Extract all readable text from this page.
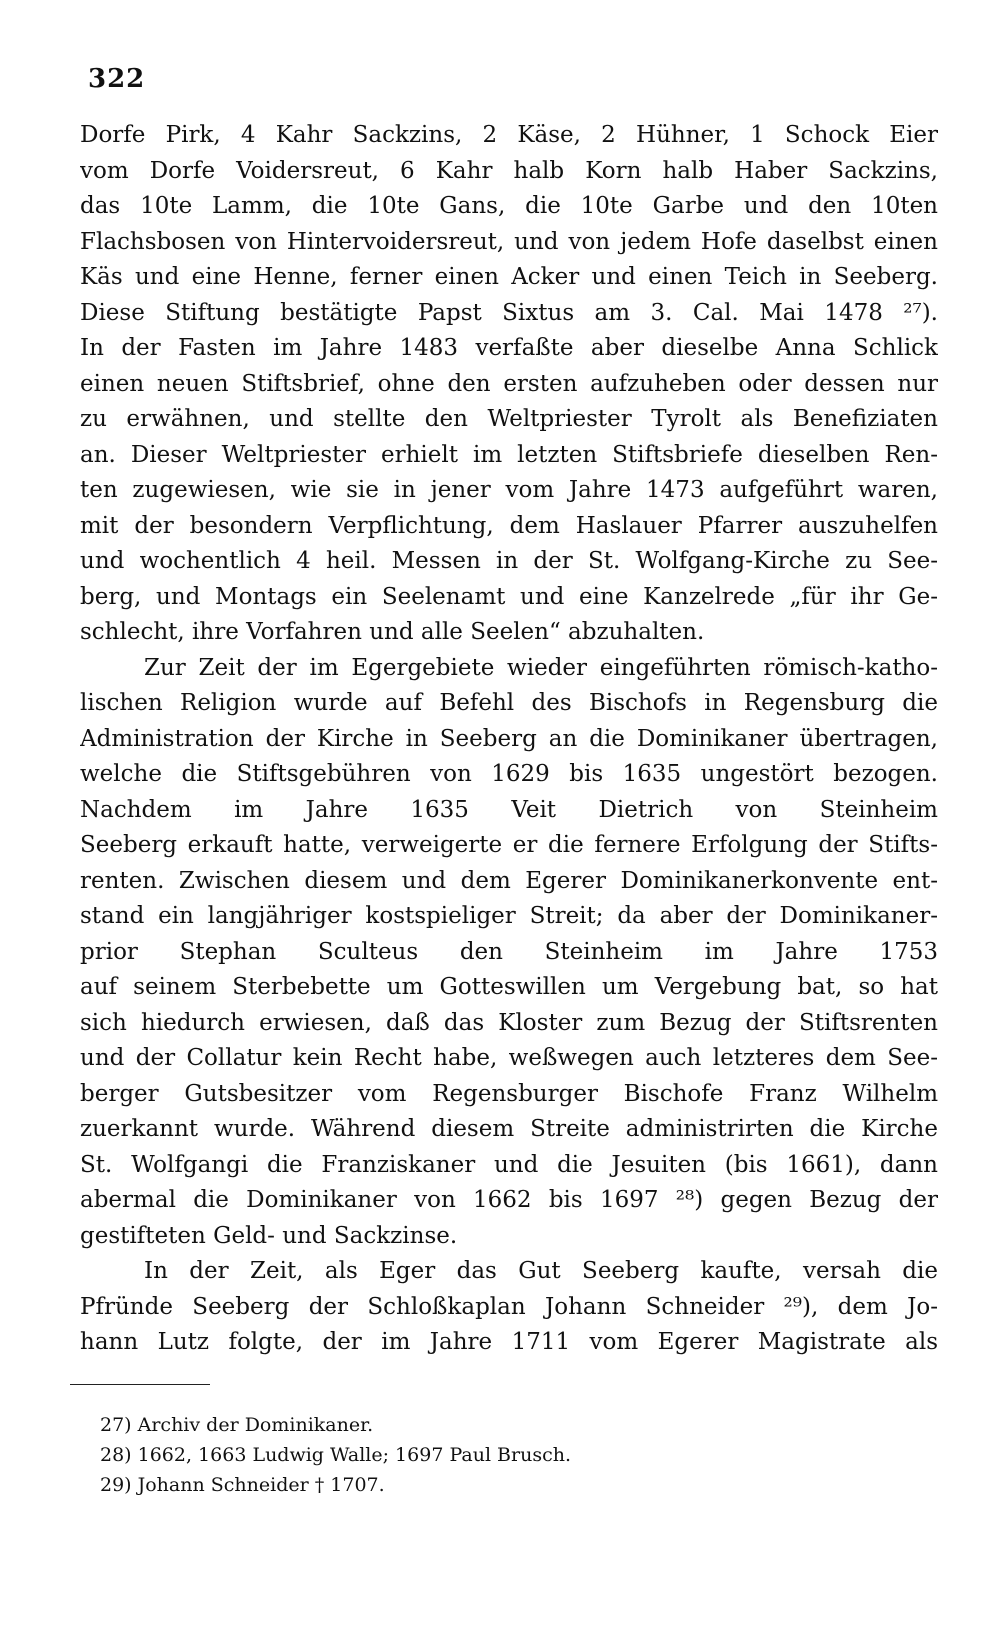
322
Dorfe Pirk, 4 Kahr Sackzins, 2 Käse, 2 Hühner, 1 Schock Eier
vom Dorfe Voidersreut, 6 Kahr halb Korn halb Haber Sackzins,
das 10te Lamm, die 10te Gans, die 10te Garbe und den 10ten
Flachsbosen von Hintervoidersreut, und von jedem Hofe daselbst einen
Käs und eine Henne, ferner einen Acker und einen Teich in Seeberg.
Diese Stiftung bestätigte Papst Sixtus am 3. Cal. Mai 1478 ²⁷).
In der Fasten im Jahre 1483 verfaßte aber dieselbe Anna Schlick
einen neuen Stiftsbrief, ohne den ersten aufzuheben oder dessen nur
zu erwähnen, und stellte den Weltpriester Tyrolt als Benefiziaten
an. Dieser Weltpriester erhielt im letzten Stiftsbriefe dieselben Ren-
ten zugewiesen, wie sie in jener vom Jahre 1473 aufgeführt waren,
mit der besondern Verpflichtung, dem Haslauer Pfarrer auszuhelfen
und wochentlich 4 heil. Messen in der St. Wolfgang-Kirche zu See-
berg, und Montags ein Seelenamt und eine Kanzelrede „für ihr Ge-
schlecht, ihre Vorfahren und alle Seelen“ abzuhalten.
Zur Zeit der im Egergebiete wieder eingeführten römisch-katho-
lischen Religion wurde auf Befehl des Bischofs in Regensburg die
Administration der Kirche in Seeberg an die Dominikaner übertragen,
welche die Stiftsgebühren von 1629 bis 1635 ungestört bezogen.
Nachdem im Jahre 1635 Veit Dietrich von Steinheim
Seeberg erkauft hatte, verweigerte er die fernere Erfolgung der Stifts-
renten. Zwischen diesem und dem Egerer Dominikanerkonvente ent-
stand ein langjähriger kostspieliger Streit; da aber der Dominikaner-
prior Stephan Sculteus den Steinheim im Jahre 1753
auf seinem Sterbebette um Gotteswillen um Vergebung bat, so hat
sich hiedurch erwiesen, daß das Kloster zum Bezug der Stiftsrenten
und der Collatur kein Recht habe, weßwegen auch letzteres dem See-
berger Gutsbesitzer vom Regensburger Bischofe Franz Wilhelm
zuerkannt wurde. Während diesem Streite administrirten die Kirche
St. Wolfgangi die Franziskaner und die Jesuiten (bis 1661), dann
abermal die Dominikaner von 1662 bis 1697 ²⁸) gegen Bezug der
gestifteten Geld- und Sackzinse.
In der Zeit, als Eger das Gut Seeberg kaufte, versah die
Pfründe Seeberg der Schloßkaplan Johann Schneider ²⁹), dem Jo-
hann Lutz folgte, der im Jahre 1711 vom Egerer Magistrate als
27) Archiv der Dominikaner.
28) 1662, 1663 Ludwig Walle; 1697 Paul Brusch.
29) Johann Schneider † 1707.
